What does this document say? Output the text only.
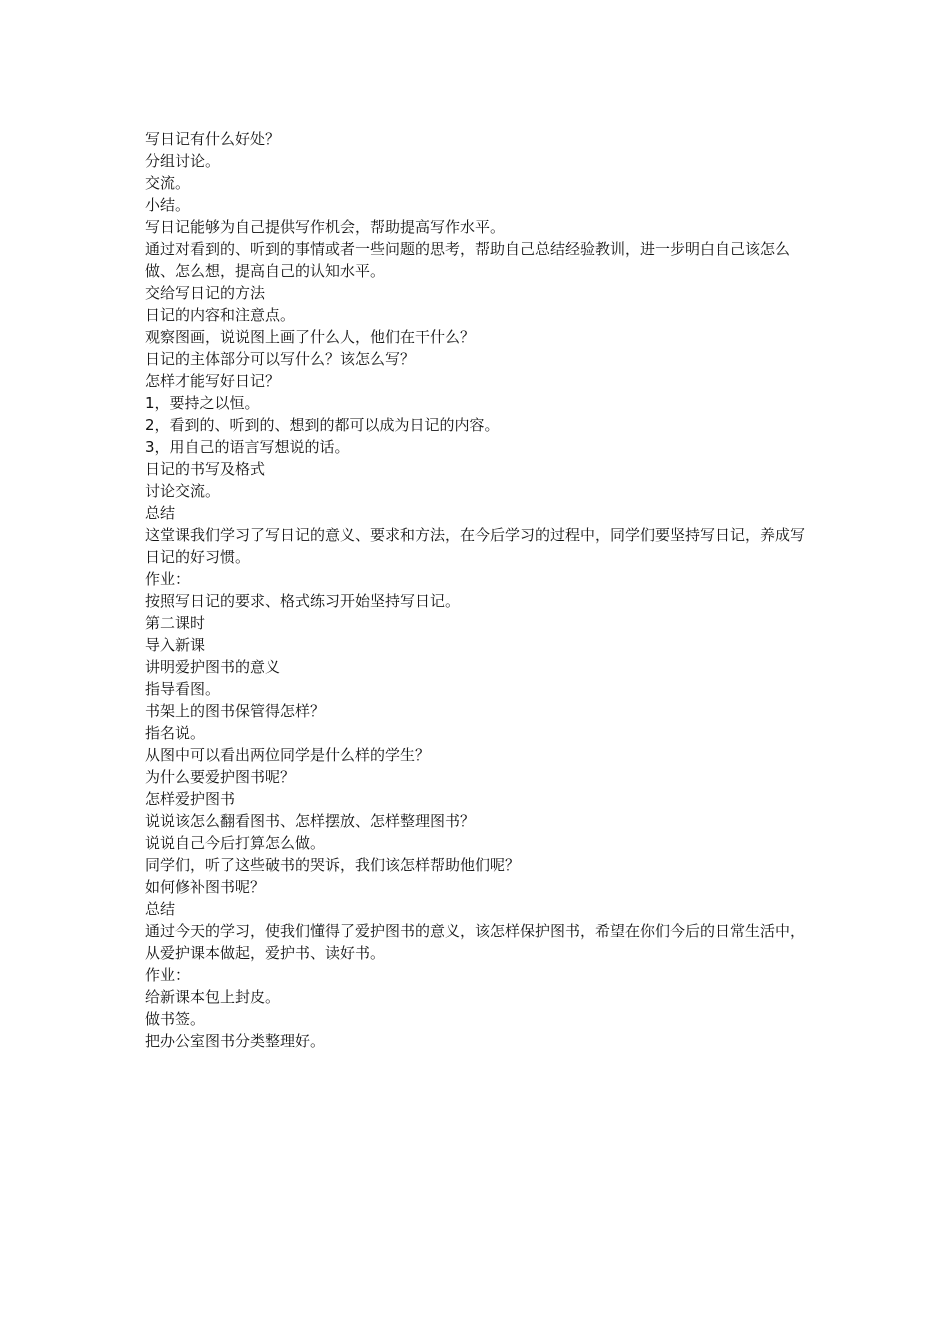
写日记有什么好处？

分组讨论。

交流。

小结。

写日记能够为自己提供写作机会，帮助提高写作水平。

通过对看到的、听到的事情或者一些问题的思考，帮助自己总结经验教训，进一步明白自己该怎么做、怎么想，提高自己的认知水平。

交给写日记的方法

日记的内容和注意点。

观察图画，说说图上画了什么人，他们在干什么？

日记的主体部分可以写什么？该怎么写？

怎样才能写好日记？

1，要持之以恒。

2，看到的、听到的、想到的都可以成为日记的内容。

3，用自己的语言写想说的话。

日记的书写及格式

讨论交流。

总结

这堂课我们学习了写日记的意义、要求和方法，在今后学习的过程中，同学们要坚持写日记，养成写日记的好习惯。

作业：

按照写日记的要求、格式练习开始坚持写日记。

第二课时

导入新课

讲明爱护图书的意义

指导看图。

书架上的图书保管得怎样？

指名说。

从图中可以看出两位同学是什么样的学生？

为什么要爱护图书呢？

怎样爱护图书

说说该怎么翻看图书、怎样摆放、怎样整理图书？

说说自己今后打算怎么做。

同学们，听了这些破书的哭诉，我们该怎样帮助他们呢？

如何修补图书呢？

总结

通过今天的学习，使我们懂得了爱护图书的意义，该怎样保护图书，希望在你们今后的日常生活中，从爱护课本做起，爱护书、读好书。

作业：

给新课本包上封皮。

做书签。

把办公室图书分类整理好。
